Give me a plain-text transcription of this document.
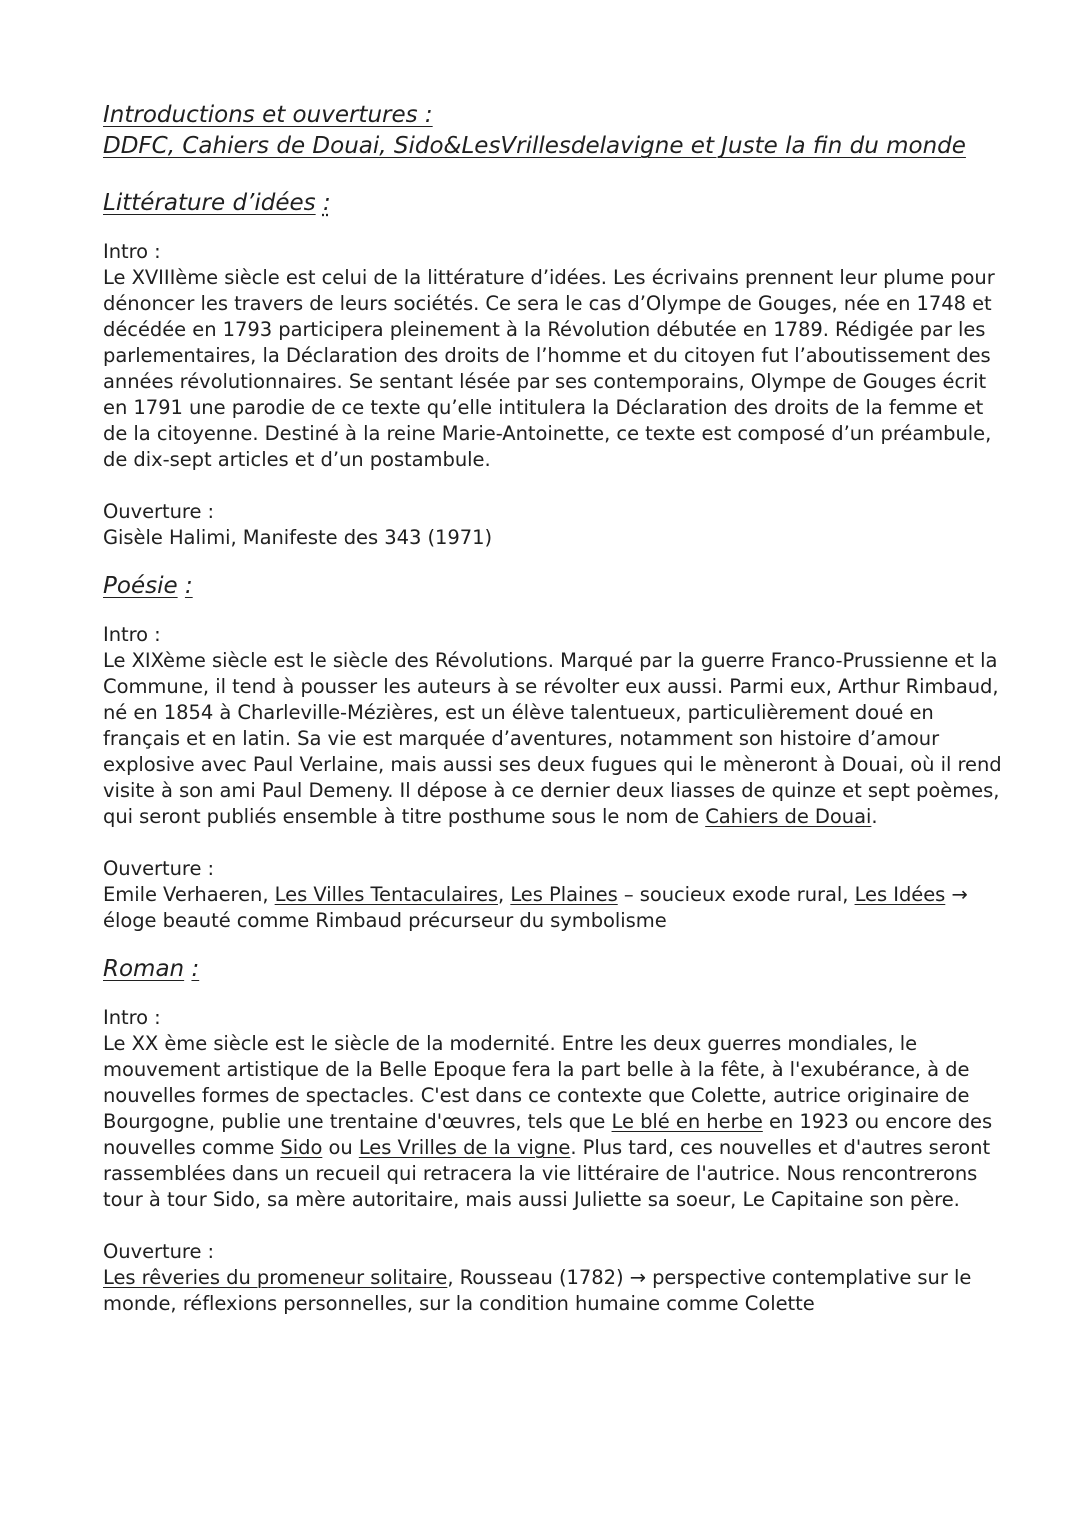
Introductions et ouvertures :

DDFC, Cahiers de Douai, Sido&LesVrillesdelavigne et Juste la fin du monde

Littérature d’idées :

Intro :

Le XVIIIème siècle est celui de la littérature d’idées. Les écrivains prennent leur plume pour dénoncer les travers de leurs sociétés. Ce sera le cas d’Olympe de Gouges, née en 1748 et décédée en 1793 participera pleinement à la Révolution débutée en 1789. Rédigée par les parlementaires, la Déclaration des droits de l’homme et du citoyen fut l’aboutissement des années révolutionnaires. Se sentant lésée par ses contemporains, Olympe de Gouges écrit en 1791 une parodie de ce texte qu’elle intitulera la Déclaration des droits de la femme et de la citoyenne. Destiné à la reine Marie-Antoinette, ce texte est composé d’un préambule, de dix-sept articles et d’un postambule.

Ouverture :

Gisèle Halimi, Manifeste des 343 (1971)

Poésie :

Intro :

Le XIXème siècle est le siècle des Révolutions. Marqué par la guerre Franco-Prussienne et la Commune, il tend à pousser les auteurs à se révolter eux aussi. Parmi eux, Arthur Rimbaud, né en 1854 à Charleville-Mézières, est un élève talentueux, particulièrement doué en français et en latin. Sa vie est marquée d’aventures, notamment son histoire d’amour explosive avec Paul Verlaine, mais aussi ses deux fugues qui le mèneront à Douai, où il rend visite à son ami Paul Demeny. Il dépose à ce dernier deux liasses de quinze et sept poèmes, qui seront publiés ensemble à titre posthume sous le nom de Cahiers de Douai.

Ouverture :

Emile Verhaeren, Les Villes Tentaculaires, Les Plaines – soucieux exode rural, Les Idées → éloge beauté comme Rimbaud précurseur du symbolisme

Roman :

Intro :

Le XX ème siècle est le siècle de la modernité. Entre les deux guerres mondiales, le mouvement artistique de la Belle Epoque fera la part belle à la fête, à l'exubérance, à de nouvelles formes de spectacles. C'est dans ce contexte que Colette, autrice originaire de Bourgogne, publie une trentaine d'œuvres, tels que Le blé en herbe en 1923 ou encore des nouvelles comme Sido ou Les Vrilles de la vigne. Plus tard, ces nouvelles et d'autres seront rassemblées dans un recueil qui retracera la vie littéraire de l'autrice. Nous rencontrerons tour à tour Sido, sa mère autoritaire, mais aussi Juliette sa soeur, Le Capitaine son père.

Ouverture :

Les rêveries du promeneur solitaire, Rousseau (1782) → perspective contemplative sur le monde, réflexions personnelles, sur la condition humaine comme Colette
